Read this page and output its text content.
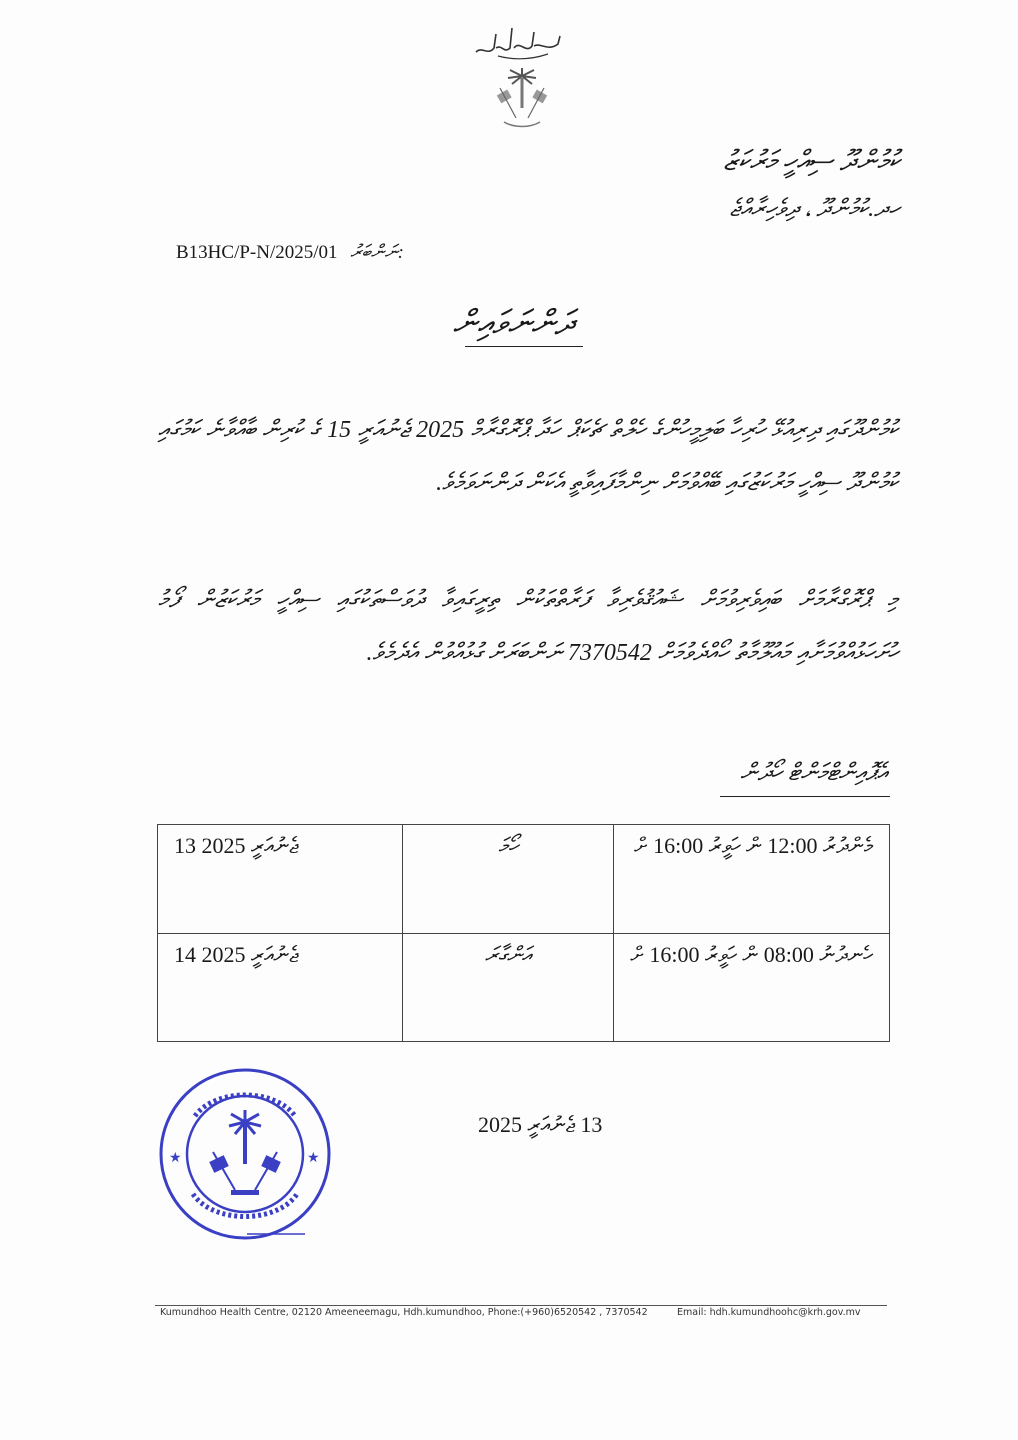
ކުމުންދޫ ސިއްހީ މަރުކަޒު
ހދ.ކުމުންދޫ ، ދިވެހިރާއްޖެ
B13HC/P-N/2025/01 ނަންބަރު:
ދަންނަވައިން
ކުމުންދޫގައި ދިރިއުޅޭ ހުރިހާ ބަލިމީހުންގެ ހެލްތް ޗެކަޕް ހަދާ ޕްރޮގްރާމް 2025 ޖެނުއަރީ 15 ގެ ކުރިން ބާއްވާނެ ކަމުގައި ކުމުންދޫ ސިއްހީ މަރުކަޒުގައި ބޭއްވުމަށް ނިންމާފައިވާތީ އެކަން ދަންނަވަމެވެ.
މި ޕްރޮގްރާމަށް ބައިވެރިވުމަށް ޝައުޤުވެރިވާ ފަރާތްތަކުން ތިރީގައިވާ ދުވަސްތަކުގައި ސިއްހީ މަރުކަޒުން ފޯމު ހުށަހަޅުއްވުމަށާއި މައުލޫމާތު ހޯއްދެވުމަށް 7370542 ނަންބަރަށް ގުޅުއްވުން އެދެމެވެ.
އެޕޮއިންޓްމަންޓް ހޯދުން
13 ޖެނުއަރީ 2025	ހޯމަ	މެންދުރު 12:00 ން ހަވީރު 16:00 ށް
14 ޖެނުއަރީ 2025	އަންގާރަ	ހެނދުނު 08:00 ން ހަވީރު 16:00 ށް
★	★
13 ޖެނުއަރީ 2025
Kumundhoo Health Centre, 02120 Ameeneemagu, Hdh.kumundhoo, Phone:(+960)6520542 , 7370542	Email: hdh.kumundhoohc@krh.gov.mv
